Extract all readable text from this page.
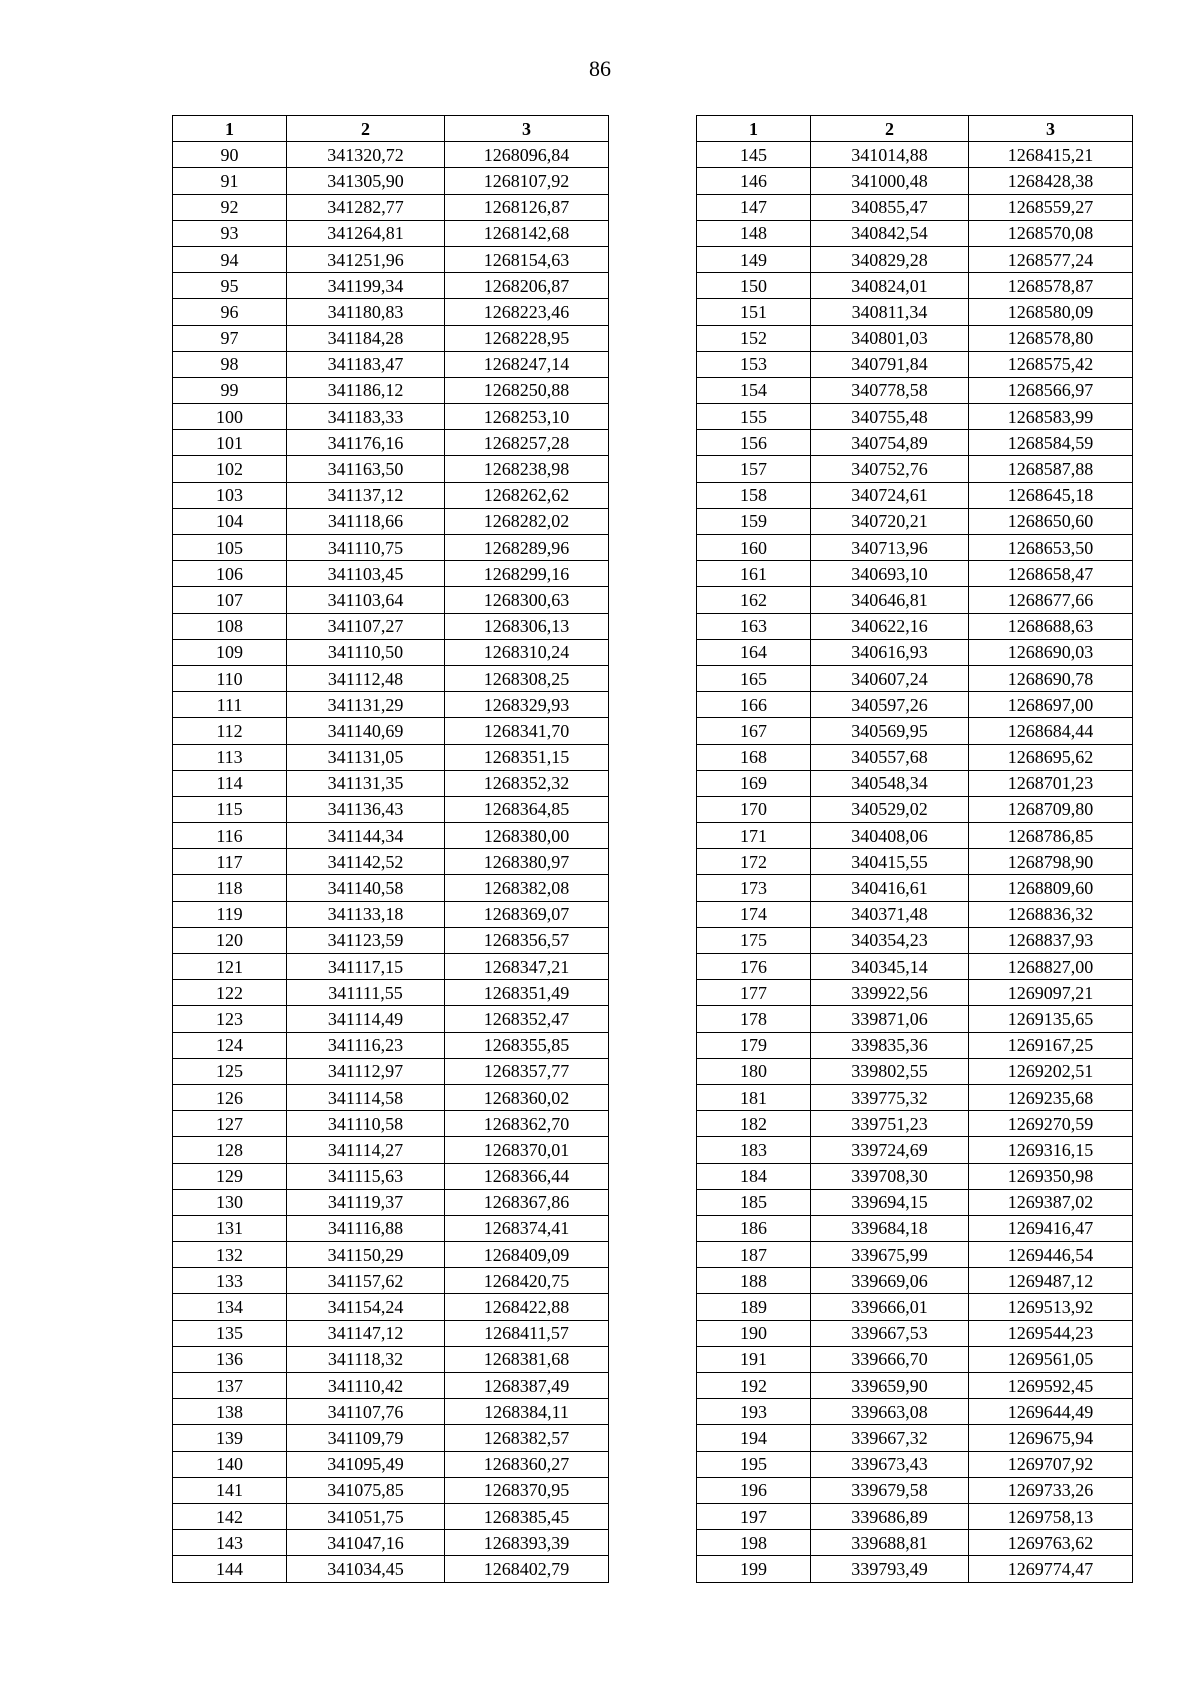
86
1	2	3
90	341320,72	1268096,84
91	341305,90	1268107,92
92	341282,77	1268126,87
93	341264,81	1268142,68
94	341251,96	1268154,63
95	341199,34	1268206,87
96	341180,83	1268223,46
97	341184,28	1268228,95
98	341183,47	1268247,14
99	341186,12	1268250,88
100	341183,33	1268253,10
101	341176,16	1268257,28
102	341163,50	1268238,98
103	341137,12	1268262,62
104	341118,66	1268282,02
105	341110,75	1268289,96
106	341103,45	1268299,16
107	341103,64	1268300,63
108	341107,27	1268306,13
109	341110,50	1268310,24
110	341112,48	1268308,25
111	341131,29	1268329,93
112	341140,69	1268341,70
113	341131,05	1268351,15
114	341131,35	1268352,32
115	341136,43	1268364,85
116	341144,34	1268380,00
117	341142,52	1268380,97
118	341140,58	1268382,08
119	341133,18	1268369,07
120	341123,59	1268356,57
121	341117,15	1268347,21
122	341111,55	1268351,49
123	341114,49	1268352,47
124	341116,23	1268355,85
125	341112,97	1268357,77
126	341114,58	1268360,02
127	341110,58	1268362,70
128	341114,27	1268370,01
129	341115,63	1268366,44
130	341119,37	1268367,86
131	341116,88	1268374,41
132	341150,29	1268409,09
133	341157,62	1268420,75
134	341154,24	1268422,88
135	341147,12	1268411,57
136	341118,32	1268381,68
137	341110,42	1268387,49
138	341107,76	1268384,11
139	341109,79	1268382,57
140	341095,49	1268360,27
141	341075,85	1268370,95
142	341051,75	1268385,45
143	341047,16	1268393,39
144	341034,45	1268402,79
1	2	3
145	341014,88	1268415,21
146	341000,48	1268428,38
147	340855,47	1268559,27
148	340842,54	1268570,08
149	340829,28	1268577,24
150	340824,01	1268578,87
151	340811,34	1268580,09
152	340801,03	1268578,80
153	340791,84	1268575,42
154	340778,58	1268566,97
155	340755,48	1268583,99
156	340754,89	1268584,59
157	340752,76	1268587,88
158	340724,61	1268645,18
159	340720,21	1268650,60
160	340713,96	1268653,50
161	340693,10	1268658,47
162	340646,81	1268677,66
163	340622,16	1268688,63
164	340616,93	1268690,03
165	340607,24	1268690,78
166	340597,26	1268697,00
167	340569,95	1268684,44
168	340557,68	1268695,62
169	340548,34	1268701,23
170	340529,02	1268709,80
171	340408,06	1268786,85
172	340415,55	1268798,90
173	340416,61	1268809,60
174	340371,48	1268836,32
175	340354,23	1268837,93
176	340345,14	1268827,00
177	339922,56	1269097,21
178	339871,06	1269135,65
179	339835,36	1269167,25
180	339802,55	1269202,51
181	339775,32	1269235,68
182	339751,23	1269270,59
183	339724,69	1269316,15
184	339708,30	1269350,98
185	339694,15	1269387,02
186	339684,18	1269416,47
187	339675,99	1269446,54
188	339669,06	1269487,12
189	339666,01	1269513,92
190	339667,53	1269544,23
191	339666,70	1269561,05
192	339659,90	1269592,45
193	339663,08	1269644,49
194	339667,32	1269675,94
195	339673,43	1269707,92
196	339679,58	1269733,26
197	339686,89	1269758,13
198	339688,81	1269763,62
199	339793,49	1269774,47
